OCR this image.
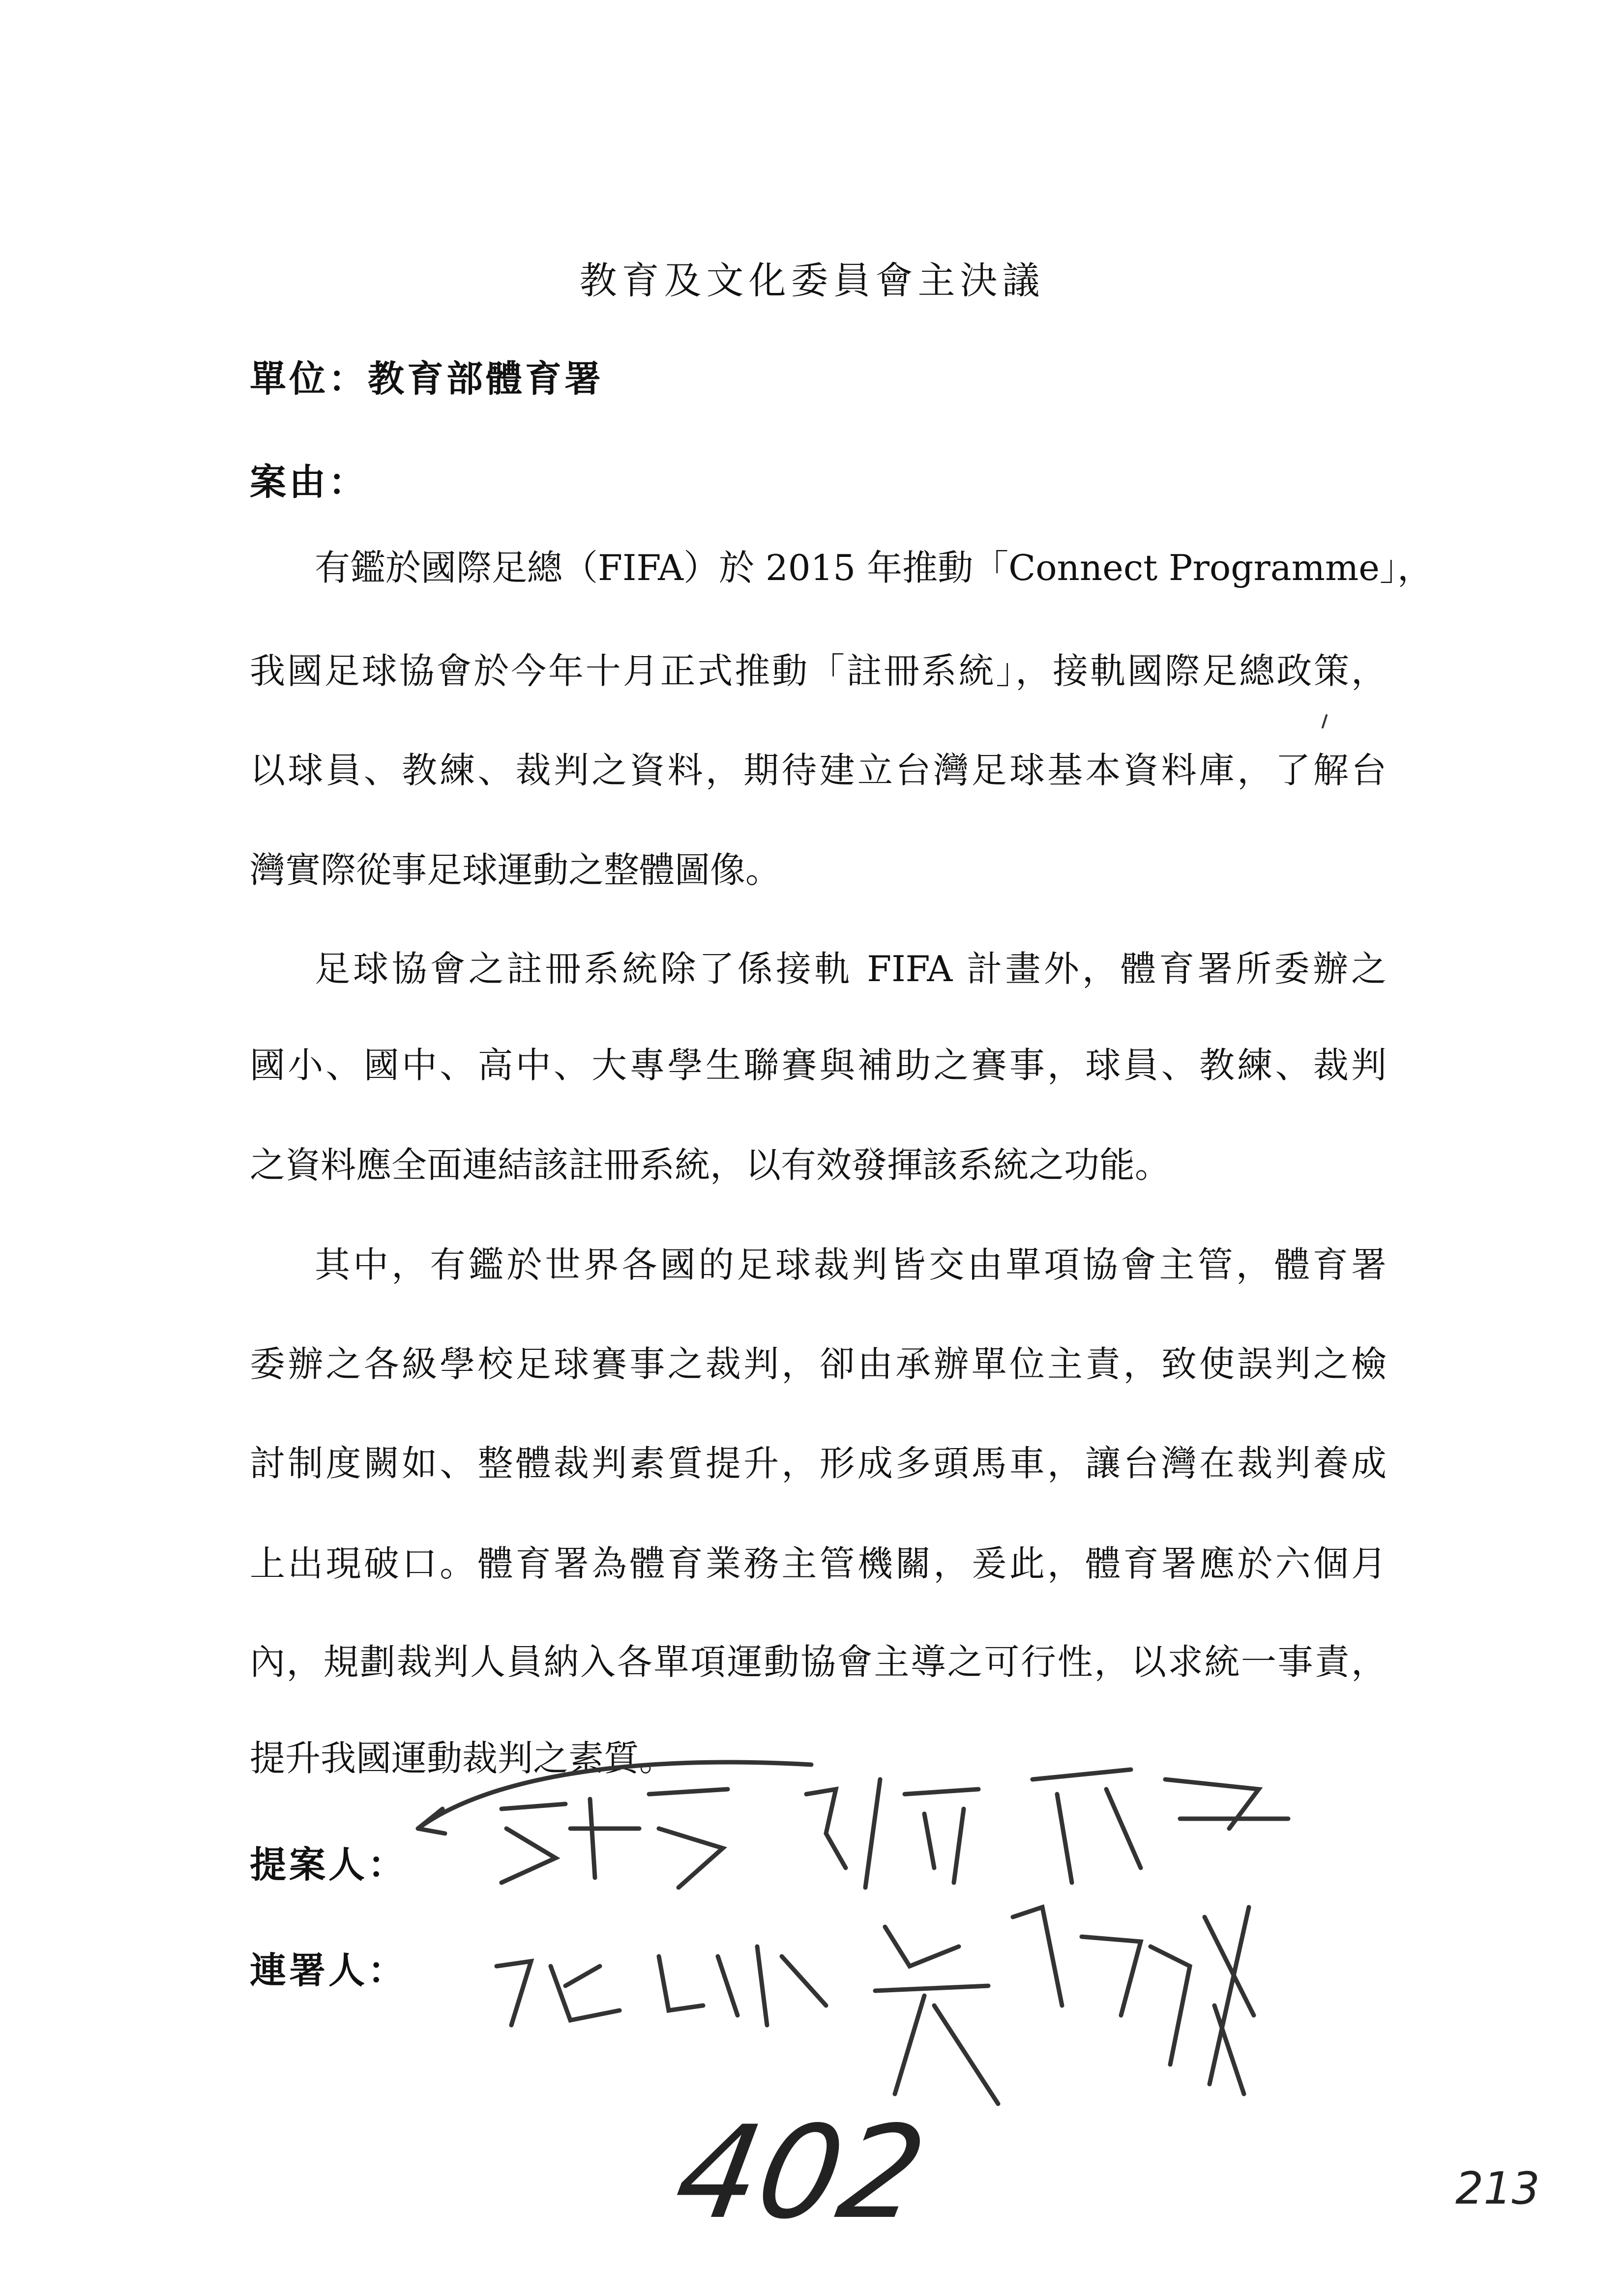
教育及文化委員會主決議
單位：教育部體育署
案由：
有鑑於國際足總（FIFA）於 2015 年推動「Connect Programme」，
我國足球協會於今年十月正式推動「註冊系統」，接軌國際足總政策，
以球員、教練、裁判之資料，期待建立台灣足球基本資料庫，了解台
灣實際從事足球運動之整體圖像。
足球協會之註冊系統除了係接軌 FIFA 計畫外，體育署所委辦之
國小、國中、高中、大專學生聯賽與補助之賽事，球員、教練、裁判
之資料應全面連結該註冊系統，以有效發揮該系統之功能。
其中，有鑑於世界各國的足球裁判皆交由單項協會主管，體育署
委辦之各級學校足球賽事之裁判，卻由承辦單位主責，致使誤判之檢
討制度闕如、整體裁判素質提升，形成多頭馬車，讓台灣在裁判養成
上出現破口。體育署為體育業務主管機關，爰此，體育署應於六個月
內，規劃裁判人員納入各單項運動協會主導之可行性，以求統一事責，
提升我國運動裁判之素質。
提案人：
連署人：
402	213
